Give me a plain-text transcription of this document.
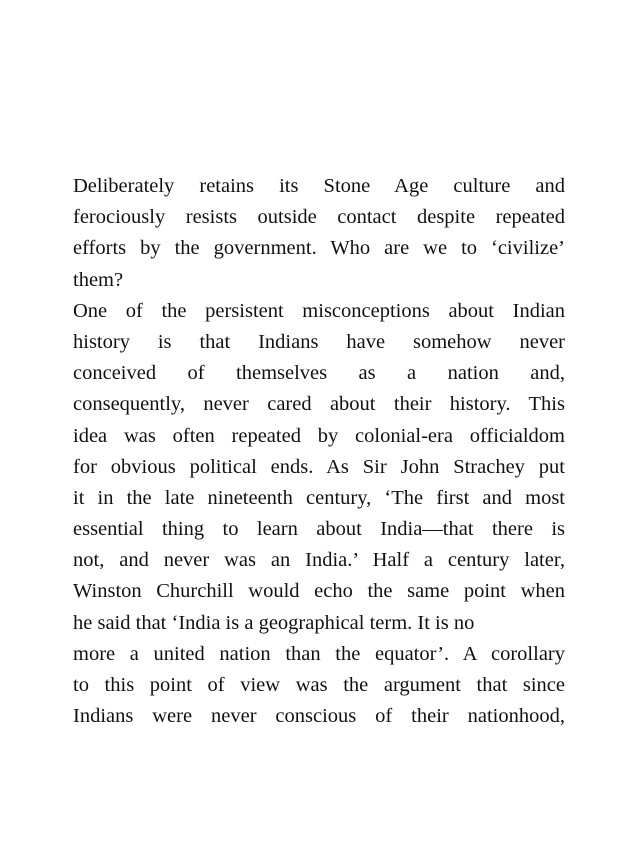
Deliberately retains its Stone Age culture and
ferociously resists outside contact despite repeated
efforts by the government. Who are we to ‘civilize’
them?
One of the persistent misconceptions about Indian
history is that Indians have somehow never
conceived of themselves as a nation and,
consequently, never cared about their history. This
idea was often repeated by colonial-era officialdom
for obvious political ends. As Sir John Strachey put
it in the late nineteenth century, ‘The first and most
essential thing to learn about India—that there is
not, and never was an India.’ Half a century later,
Winston Churchill would echo the same point when
he said that ‘India is a geographical term. It is no
more a united nation than the equator’. A corollary
to this point of view was the argument that since
Indians were never conscious of their nationhood,
